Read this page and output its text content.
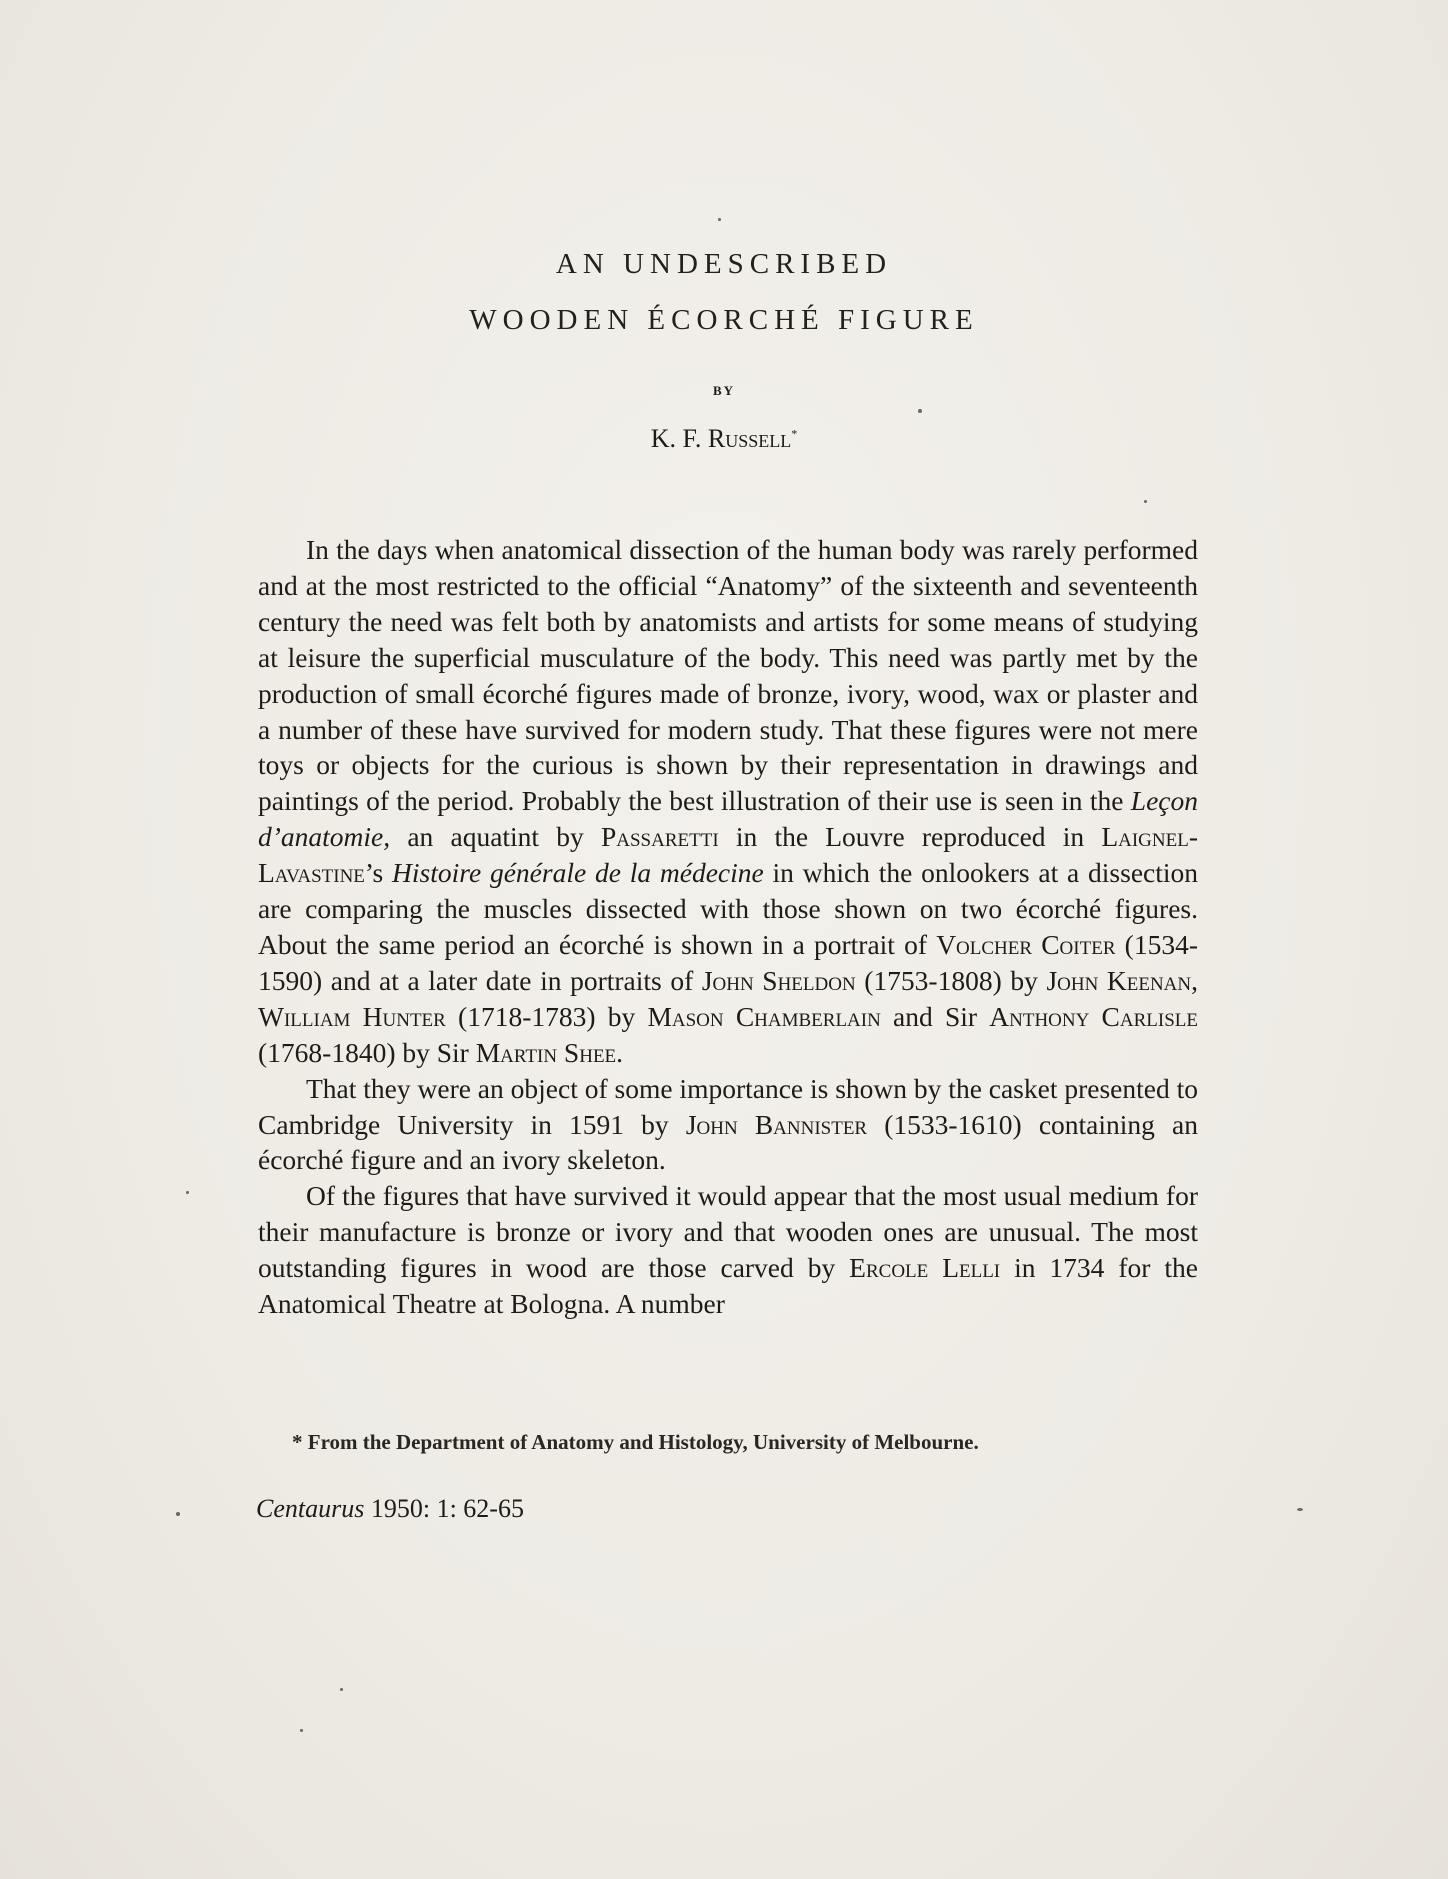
AN UNDESCRIBED
WOODEN ÉCORCHÉ FIGURE
BY
K. F. Russell*

In the days when anatomical dissection of the human body was rarely performed and at the most restricted to the official “Anatomy” of the sixteenth and seventeenth century the need was felt both by anatomists and artists for some means of studying at leisure the superficial musculature of the body. This need was partly met by the production of small écorché figures made of bronze, ivory, wood, wax or plaster and a number of these have survived for modern study. That these figures were not mere toys or objects for the curious is shown by their representation in drawings and paintings of the period. Probably the best illustration of their use is seen in the Leçon d’anatomie, an aquatint by Passaretti in the Louvre reproduced in Laignel-Lavastine’s Histoire générale de la médecine in which the onlookers at a dissection are comparing the muscles dissected with those shown on two écorché figures. About the same period an écorché is shown in a portrait of Volcher Coiter (1534-1590) and at a later date in portraits of John Sheldon (1753-1808) by John Keenan, William Hunter (1718-1783) by Mason Chamberlain and Sir Anthony Carlisle (1768-1840) by Sir Martin Shee.

That they were an object of some importance is shown by the casket presented to Cambridge University in 1591 by John Bannister (1533-1610) containing an écorché figure and an ivory skeleton.

Of the figures that have survived it would appear that the most usual medium for their manufacture is bronze or ivory and that wooden ones are unusual. The most outstanding figures in wood are those carved by Ercole Lelli in 1734 for the Anatomical Theatre at Bologna. A number

* From the Department of Anatomy and Histology, University of Melbourne.
Centaurus 1950: 1: 62-65
